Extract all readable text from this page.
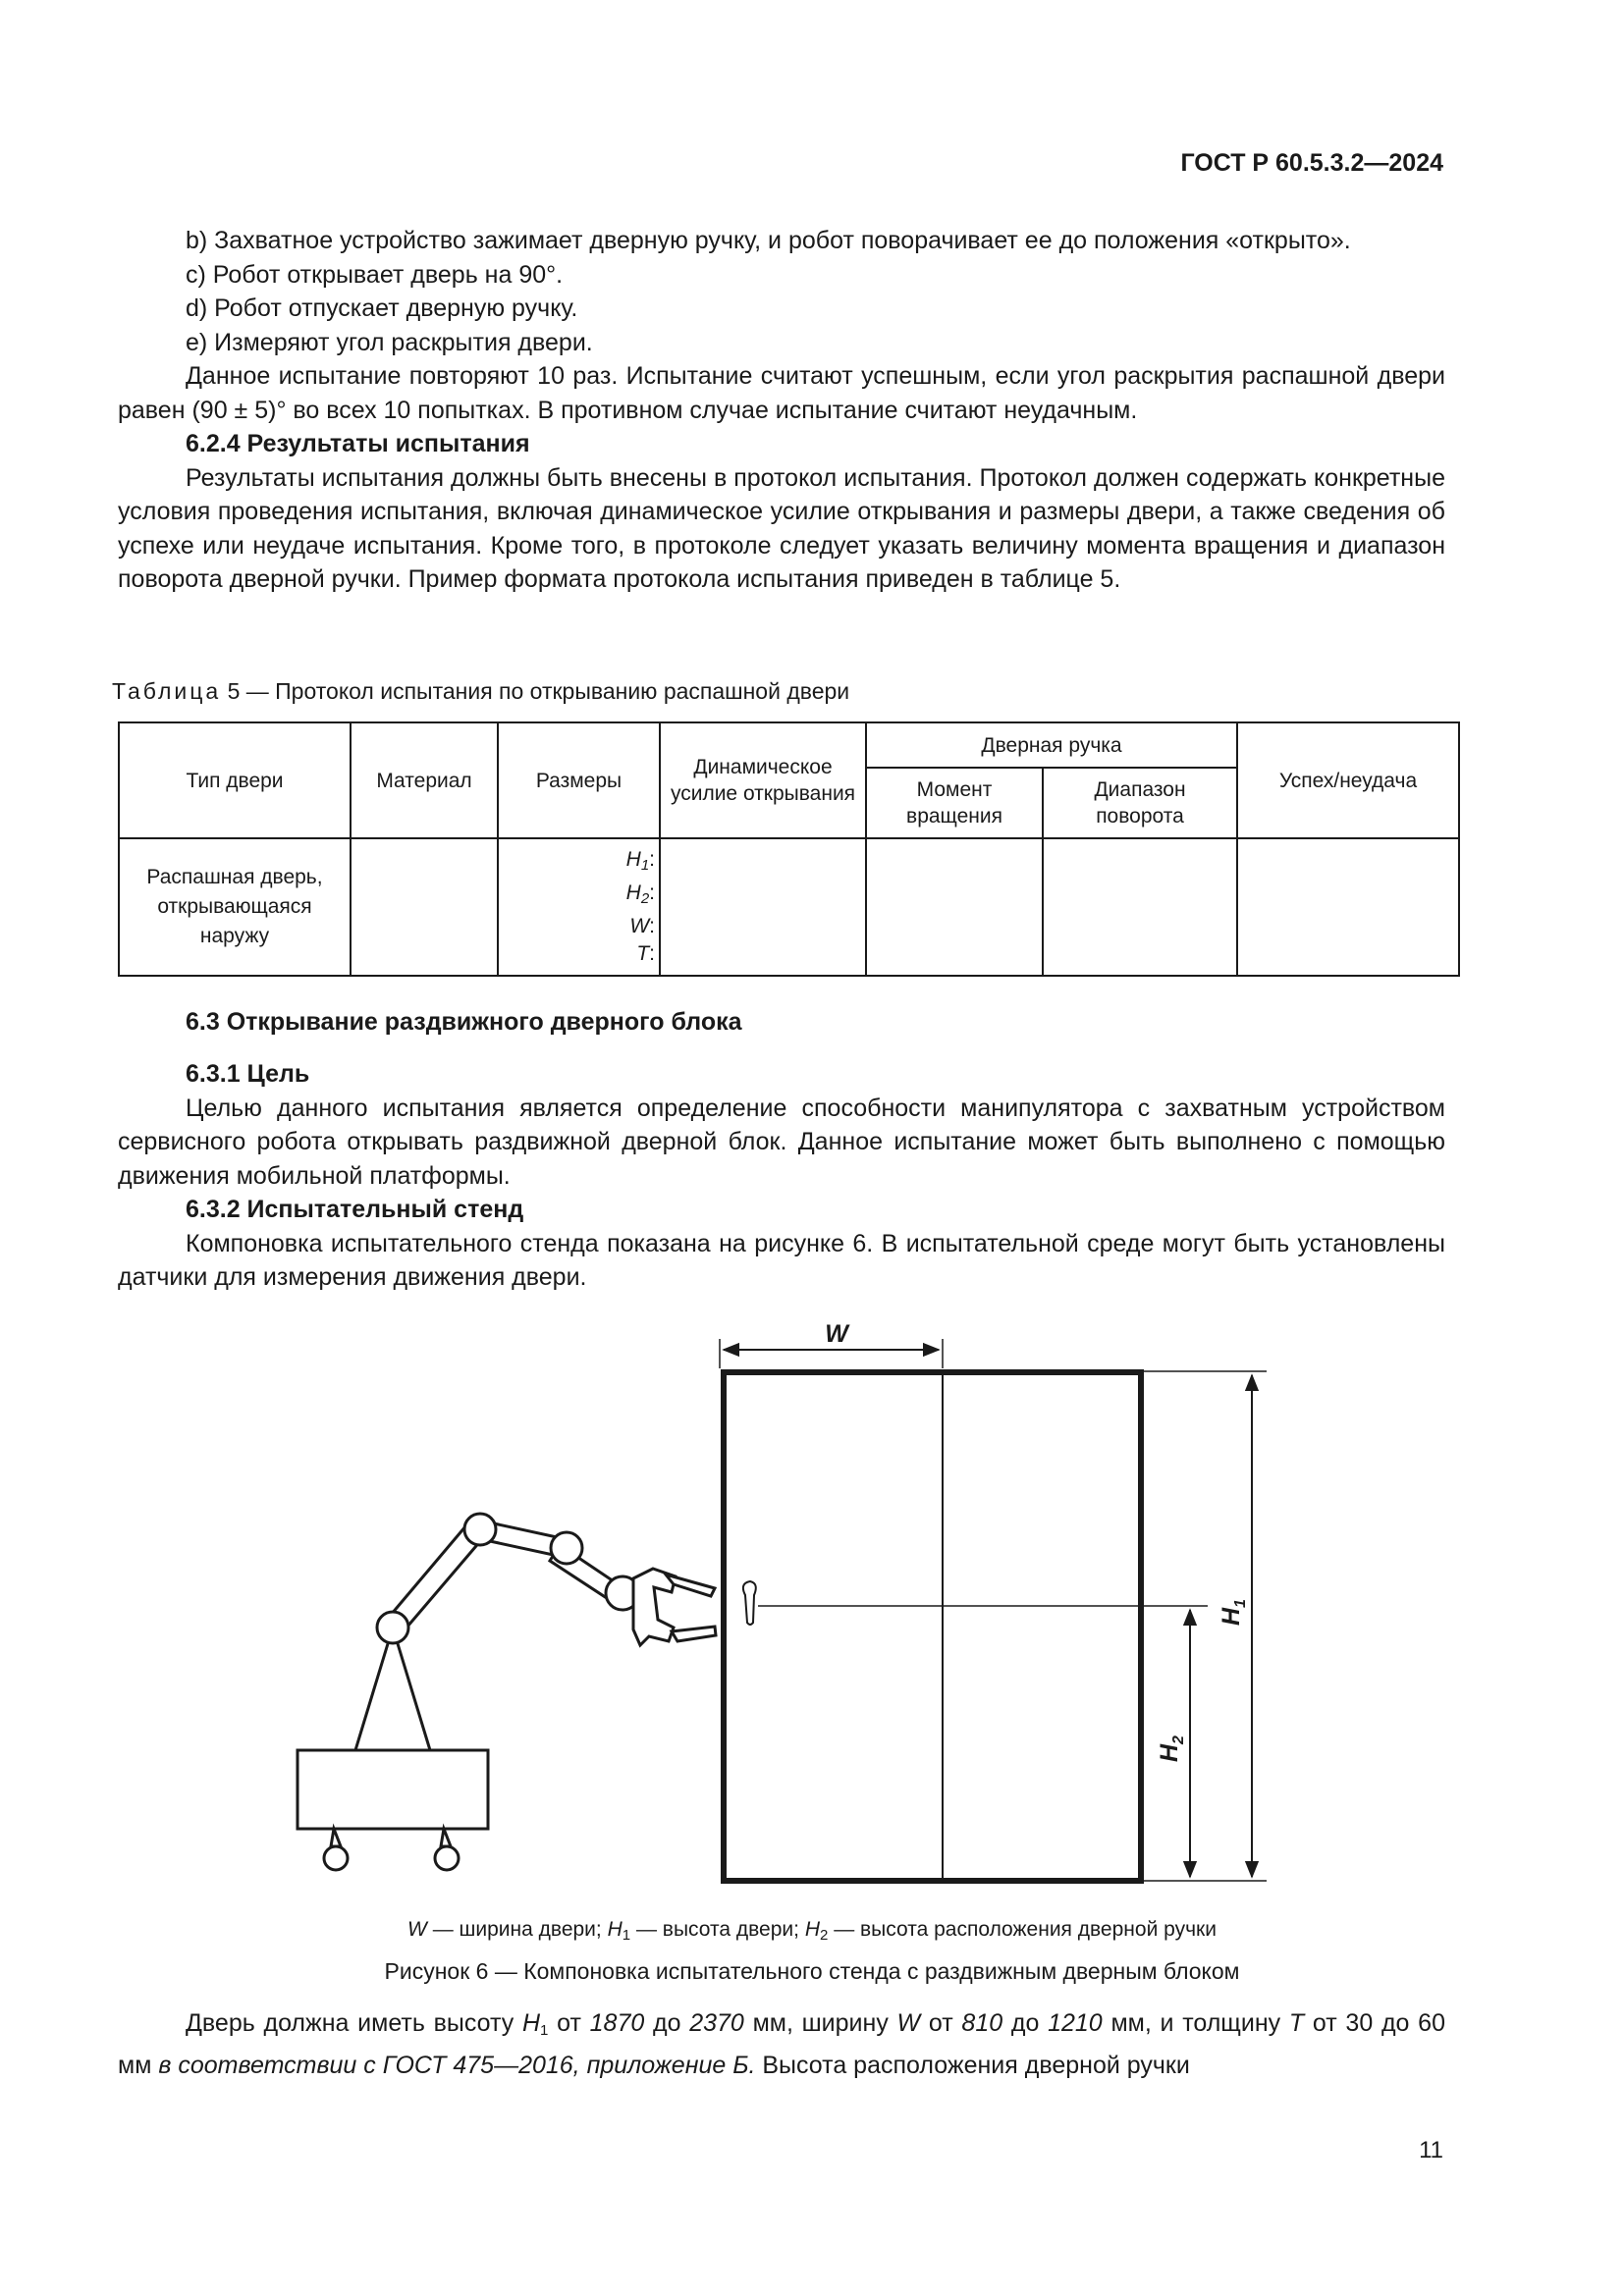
ГОСТ Р 60.5.3.2—2024

b) Захватное устройство зажимает дверную ручку, и робот поворачивает ее до положения «открыто».

c) Робот открывает дверь на 90°.

d) Робот отпускает дверную ручку.

e) Измеряют угол раскрытия двери.

Данное испытание повторяют 10 раз. Испытание считают успешным, если угол раскрытия распашной двери равен (90 ± 5)° во всех 10 попытках. В противном случае испытание считают неудачным.

6.2.4 Результаты испытания

Результаты испытания должны быть внесены в протокол испытания. Протокол должен содержать конкретные условия проведения испытания, включая динамическое усилие открывания и размеры двери, а также сведения об успехе или неудаче испытания. Кроме того, в протоколе следует указать величину момента вращения и диапазон поворота дверной ручки. Пример формата протокола испытания приведен в таблице 5.

Таблица 5 — Протокол испытания по открыванию распашной двери
Тип двери	Материал	Размеры	Динамическое усилие открывания	Дверная ручка		Успех/неудача
				Момент вращения	Диапазон поворота	
Распашная дверь, открывающаяся наружу		$H_1$:
$H_2$:
W:
T:				

6.3 Открывание раздвижного дверного блока

6.3.1 Цель

Целью данного испытания является определение способности манипулятора с захватным устройством сервисного робота открывать раздвижной дверной блок. Данное испытание может быть выполнено с помощью движения мобильной платформы.

6.3.2 Испытательный стенд

Компоновка испытательного стенда показана на рисунке 6. В испытательной среде могут быть установлены датчики для измерения движения двери.

W
$H_1$
$H_2$
W — ширина двери; $H_1$ — высота двери; $H_2$ — высота расположения дверной ручки
Рисунок 6 — Компоновка испытательного стенда с раздвижным дверным блоком

Дверь должна иметь высоту $H_1$ от 1870 до 2370 мм, ширину W от 810 до 1210 мм, и толщину T от 30 до 60 мм в соответствии с ГОСТ 475—2016, приложение Б. Высота расположения дверной ручки

11
